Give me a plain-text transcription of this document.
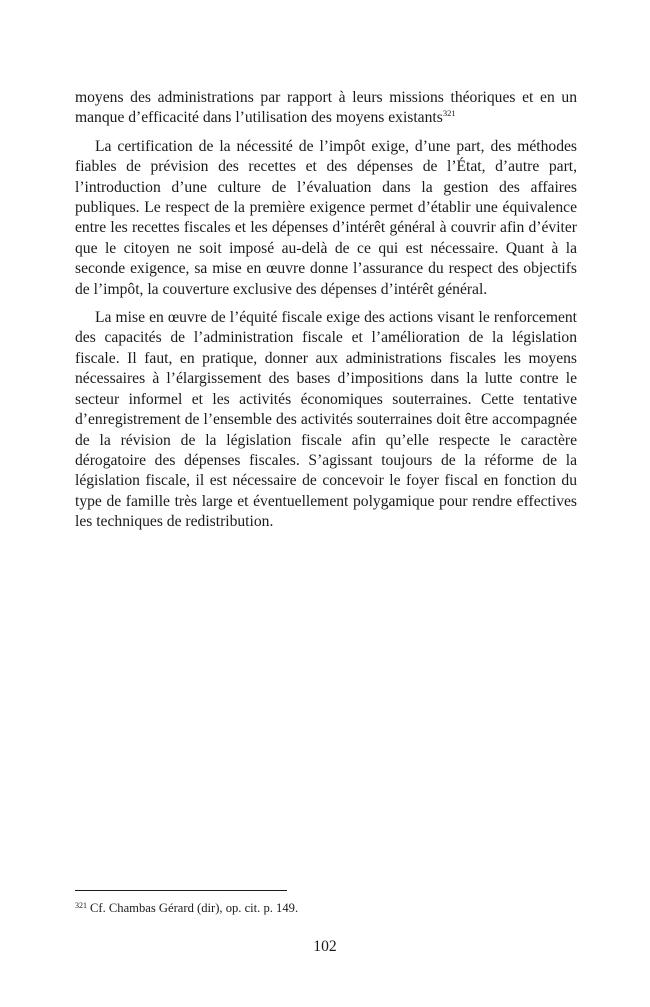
moyens des administrations par rapport à leurs missions théoriques et en un manque d’efficacité dans l’utilisation des moyens existants$^{321}$

La certification de la nécessité de l’impôt exige, d’une part, des méthodes fiables de prévision des recettes et des dépenses de l’État, d’autre part, l’introduction d’une culture de l’évaluation dans la gestion des affaires publiques. Le respect de la première exigence permet d’établir une équivalence entre les recettes fiscales et les dépenses d’intérêt général à couvrir afin d’éviter que le citoyen ne soit imposé au-delà de ce qui est nécessaire. Quant à la seconde exigence, sa mise en œuvre donne l’assurance du respect des objectifs de l’impôt, la couverture exclusive des dépenses d’intérêt général.

La mise en œuvre de l’équité fiscale exige des actions visant le renforcement des capacités de l’administration fiscale et l’amélioration de la législation fiscale. Il faut, en pratique, donner aux administrations fiscales les moyens nécessaires à l’élargissement des bases d’impositions dans la lutte contre le secteur informel et les activités économiques souterraines. Cette tentative d’enregistrement de l’ensemble des activités souterraines doit être accompagnée de la révision de la législation fiscale afin qu’elle respecte le caractère dérogatoire des dépenses fiscales. S’agissant toujours de la réforme de la législation fiscale, il est nécessaire de concevoir le foyer fiscal en fonction du type de famille très large et éventuellement polygamique pour rendre effectives les techniques de redistribution.

$^{321}$ Cf. Chambas Gérard (dir), op. cit. p. 149.
102
